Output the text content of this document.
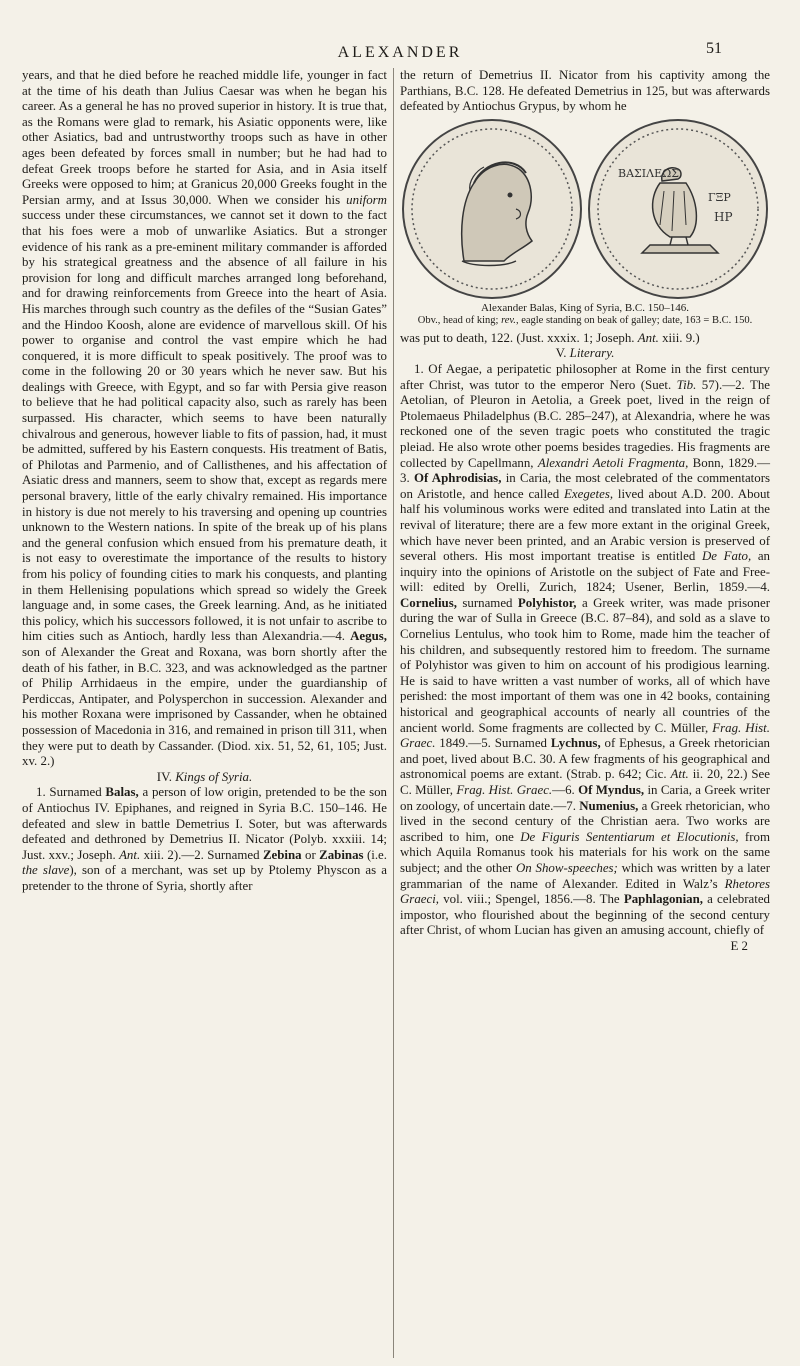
ALEXANDER	51

years, and that he died before he reached middle life, younger in fact at the time of his death than Julius Caesar was when he began his career. As a general he has no proved superior in history. It is true that, as the Romans were glad to remark, his Asiatic opponents were, like other Asiatics, bad and untrustworthy troops such as have in other ages been defeated by forces small in number; but he had had to defeat Greek troops before he started for Asia, and in Asia itself Greeks were opposed to him; at Granicus 20,000 Greeks fought in the Persian army, and at Issus 30,000. When we consider his uniform success under these circumstances, we cannot set it down to the fact that his foes were a mob of unwarlike Asiatics. But a stronger evidence of his rank as a pre-eminent military commander is afforded by his strategical greatness and the absence of all failure in his provision for long and difficult marches arranged long beforehand, and for drawing reinforcements from Greece into the heart of Asia. His marches through such country as the defiles of the “Susian Gates” and the Hindoo Koosh, alone are evidence of marvellous skill. Of his power to organise and control the vast empire which he had conquered, it is more difficult to speak positively. The proof was to come in the following 20 or 30 years which he never saw. But his dealings with Greece, with Egypt, and so far with Persia give reason to believe that he had political capacity also, such as rarely has been surpassed. His character, which seems to have been naturally chivalrous and generous, however liable to fits of passion, had, it must be admitted, suffered by his Eastern conquests. His treatment of Batis, of Philotas and Parmenio, and of Callisthenes, and his affectation of Asiatic dress and manners, seem to show that, except as regards mere personal bravery, little of the early chivalry remained. His importance in history is due not merely to his traversing and opening up countries unknown to the Western nations. In spite of the break up of his plans and the general confusion which ensued from his premature death, it is not easy to overestimate the importance of the results to history from his policy of founding cities to mark his conquests, and planting in them Hellenising populations which spread so widely the Greek language and, in some cases, the Greek learning. And, as he initiated this policy, which his successors followed, it is not unfair to ascribe to him cities such as Antioch, hardly less than Alexandria.—4. Aegus, son of Alexander the Great and Roxana, was born shortly after the death of his father, in B.C. 323, and was acknowledged as the partner of Philip Arrhidaeus in the empire, under the guardianship of Perdiccas, Antipater, and Polysperchon in succession. Alexander and his mother Roxana were imprisoned by Cassander, when he obtained possession of Macedonia in 316, and remained in prison till 311, when they were put to death by Cassander. (Diod. xix. 51, 52, 61, 105; Just. xv. 2.)

IV. Kings of Syria.

1. Surnamed Balas, a person of low origin, pretended to be the son of Antiochus IV. Epiphanes, and reigned in Syria B.C. 150–146. He defeated and slew in battle Demetrius I. Soter, but was afterwards defeated and dethroned by Demetrius II. Nicator (Polyb. xxxiii. 14; Just. xxv.; Joseph. Ant. xiii. 2).—2. Surnamed Zebina or Zabinas (i.e. the slave), son of a merchant, was set up by Ptolemy Physcon as a pretender to the throne of Syria, shortly after

the return of Demetrius II. Nicator from his captivity among the Parthians, B.C. 128. He defeated Demetrius in 125, but was afterwards defeated by Antiochus Grypus, by whom he

ΒΑΣΙΛΕΩΣ
ΓΞΡ
HP
Alexander Balas, King of Syria, B.C. 150–146.
Obv., head of king; rev., eagle standing on beak of galley; date, 163 = B.C. 150.

was put to death, 122. (Just. xxxix. 1; Joseph. Ant. xiii. 9.)

V. Literary.

1. Of Aegae, a peripatetic philosopher at Rome in the first century after Christ, was tutor to the emperor Nero (Suet. Tib. 57).—2. The Aetolian, of Pleuron in Aetolia, a Greek poet, lived in the reign of Ptolemaeus Philadelphus (B.C. 285–247), at Alexandria, where he was reckoned one of the seven tragic poets who constituted the tragic pleiad. He also wrote other poems besides tragedies. His fragments are collected by Capellmann, Alexandri Aetoli Fragmenta, Bonn, 1829.—3. Of Aphrodisias, in Caria, the most celebrated of the commentators on Aristotle, and hence called Exegetes, lived about A.D. 200. About half his voluminous works were edited and translated into Latin at the revival of literature; there are a few more extant in the original Greek, which have never been printed, and an Arabic version is preserved of several others. His most important treatise is entitled De Fato, an inquiry into the opinions of Aristotle on the subject of Fate and Free-will: edited by Orelli, Zurich, 1824; Usener, Berlin, 1859.—4. Cornelius, surnamed Polyhistor, a Greek writer, was made prisoner during the war of Sulla in Greece (B.C. 87–84), and sold as a slave to Cornelius Lentulus, who took him to Rome, made him the teacher of his children, and subsequently restored him to freedom. The surname of Polyhistor was given to him on account of his prodigious learning. He is said to have written a vast number of works, all of which have perished: the most important of them was one in 42 books, containing historical and geographical accounts of nearly all countries of the ancient world. Some fragments are collected by C. Müller, Frag. Hist. Graec. 1849.—5. Surnamed Lychnus, of Ephesus, a Greek rhetorician and poet, lived about B.C. 30. A few fragments of his geographical and astronomical poems are extant. (Strab. p. 642; Cic. Att. ii. 20, 22.) See C. Müller, Frag. Hist. Graec.—6. Of Myndus, in Caria, a Greek writer on zoology, of uncertain date.—7. Numenius, a Greek rhetorician, who lived in the second century of the Christian aera. Two works are ascribed to him, one De Figuris Sententiarum et Elocutionis, from which Aquila Romanus took his materials for his work on the same subject; and the other On Show-speeches; which was written by a later grammarian of the name of Alexander. Edited in Walz’s Rhetores Graeci, vol. viii.; Spengel, 1856.—8. The Paphlagonian, a celebrated impostor, who flourished about the beginning of the second century after Christ, of whom Lucian has given an amusing account, chiefly of

E 2
